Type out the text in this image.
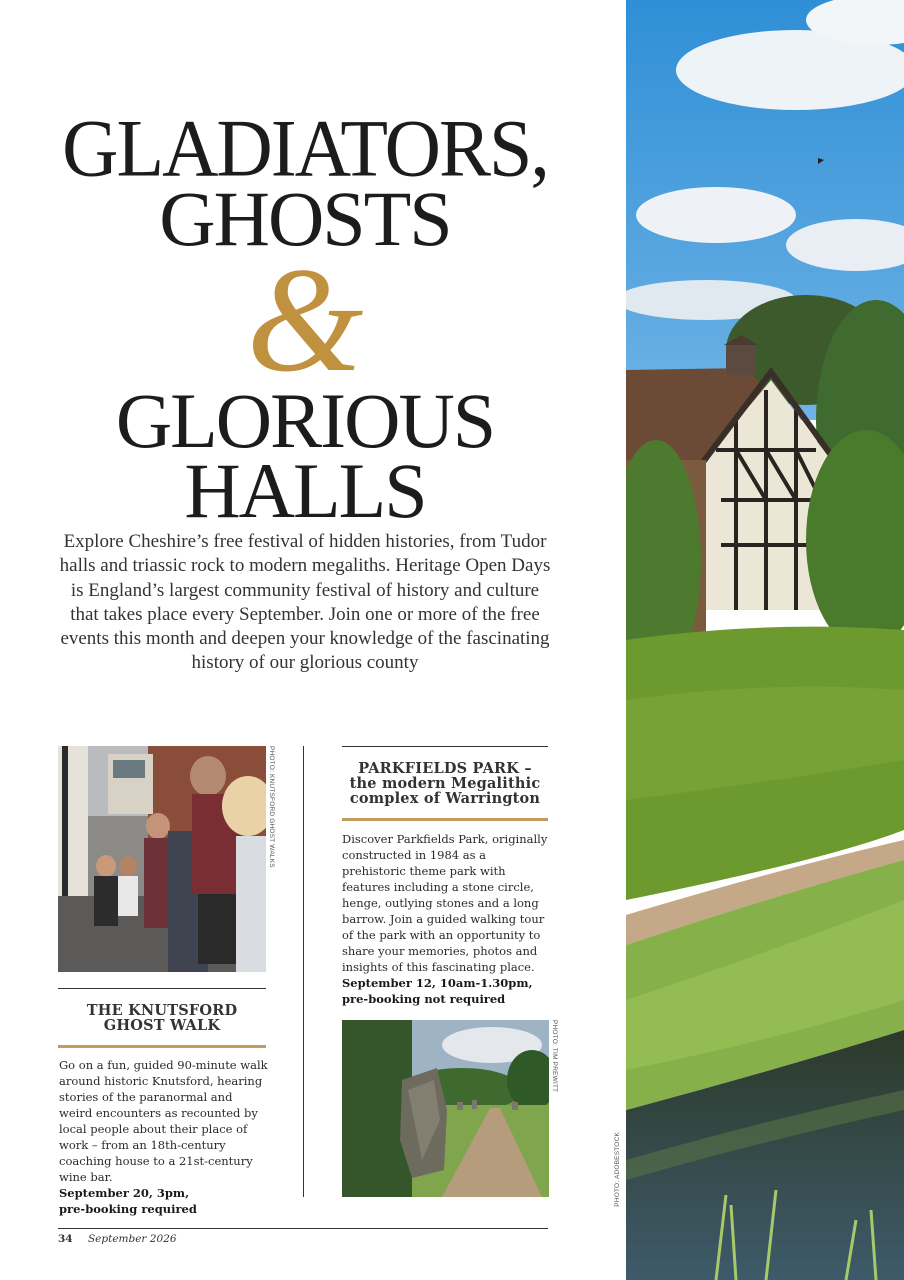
GLADIATORS,
GHOSTS
&
GLORIOUS
HALLS
Explore Cheshire’s free festival of hidden histories, from Tudor halls and triassic rock to modern megaliths. Heritage Open Days is England’s largest community festival of history and culture that takes place every September. Join one or more of the free events this month and deepen your knowledge of the fascinating history of our glorious county
PHOTO: KNUTSFORD GHOST WALKS
THE KNUTSFORD
GHOST WALK
Go on a fun, guided 90-minute walk around historic Knutsford, hearing stories of the paranormal and weird encounters as recounted by local people about their place of work – from an 18th-century coaching house to a 21st-century wine bar.
September 20, 3pm,
pre-booking required
PARKFIELDS PARK –
the modern Megalithic
complex of Warrington
Discover Parkfields Park, originally constructed in 1984 as a prehistoric theme park with features including a stone circle, henge, outlying stones and a long barrow. Join a guided walking tour of the park with an opportunity to share your memories, photos and insights of this fascinating place.
September 12, 10am-1.30pm,
pre-booking not required
PHOTO: TIM PREWITT
34 September 2026
PHOTO: ADOBESTOCK
